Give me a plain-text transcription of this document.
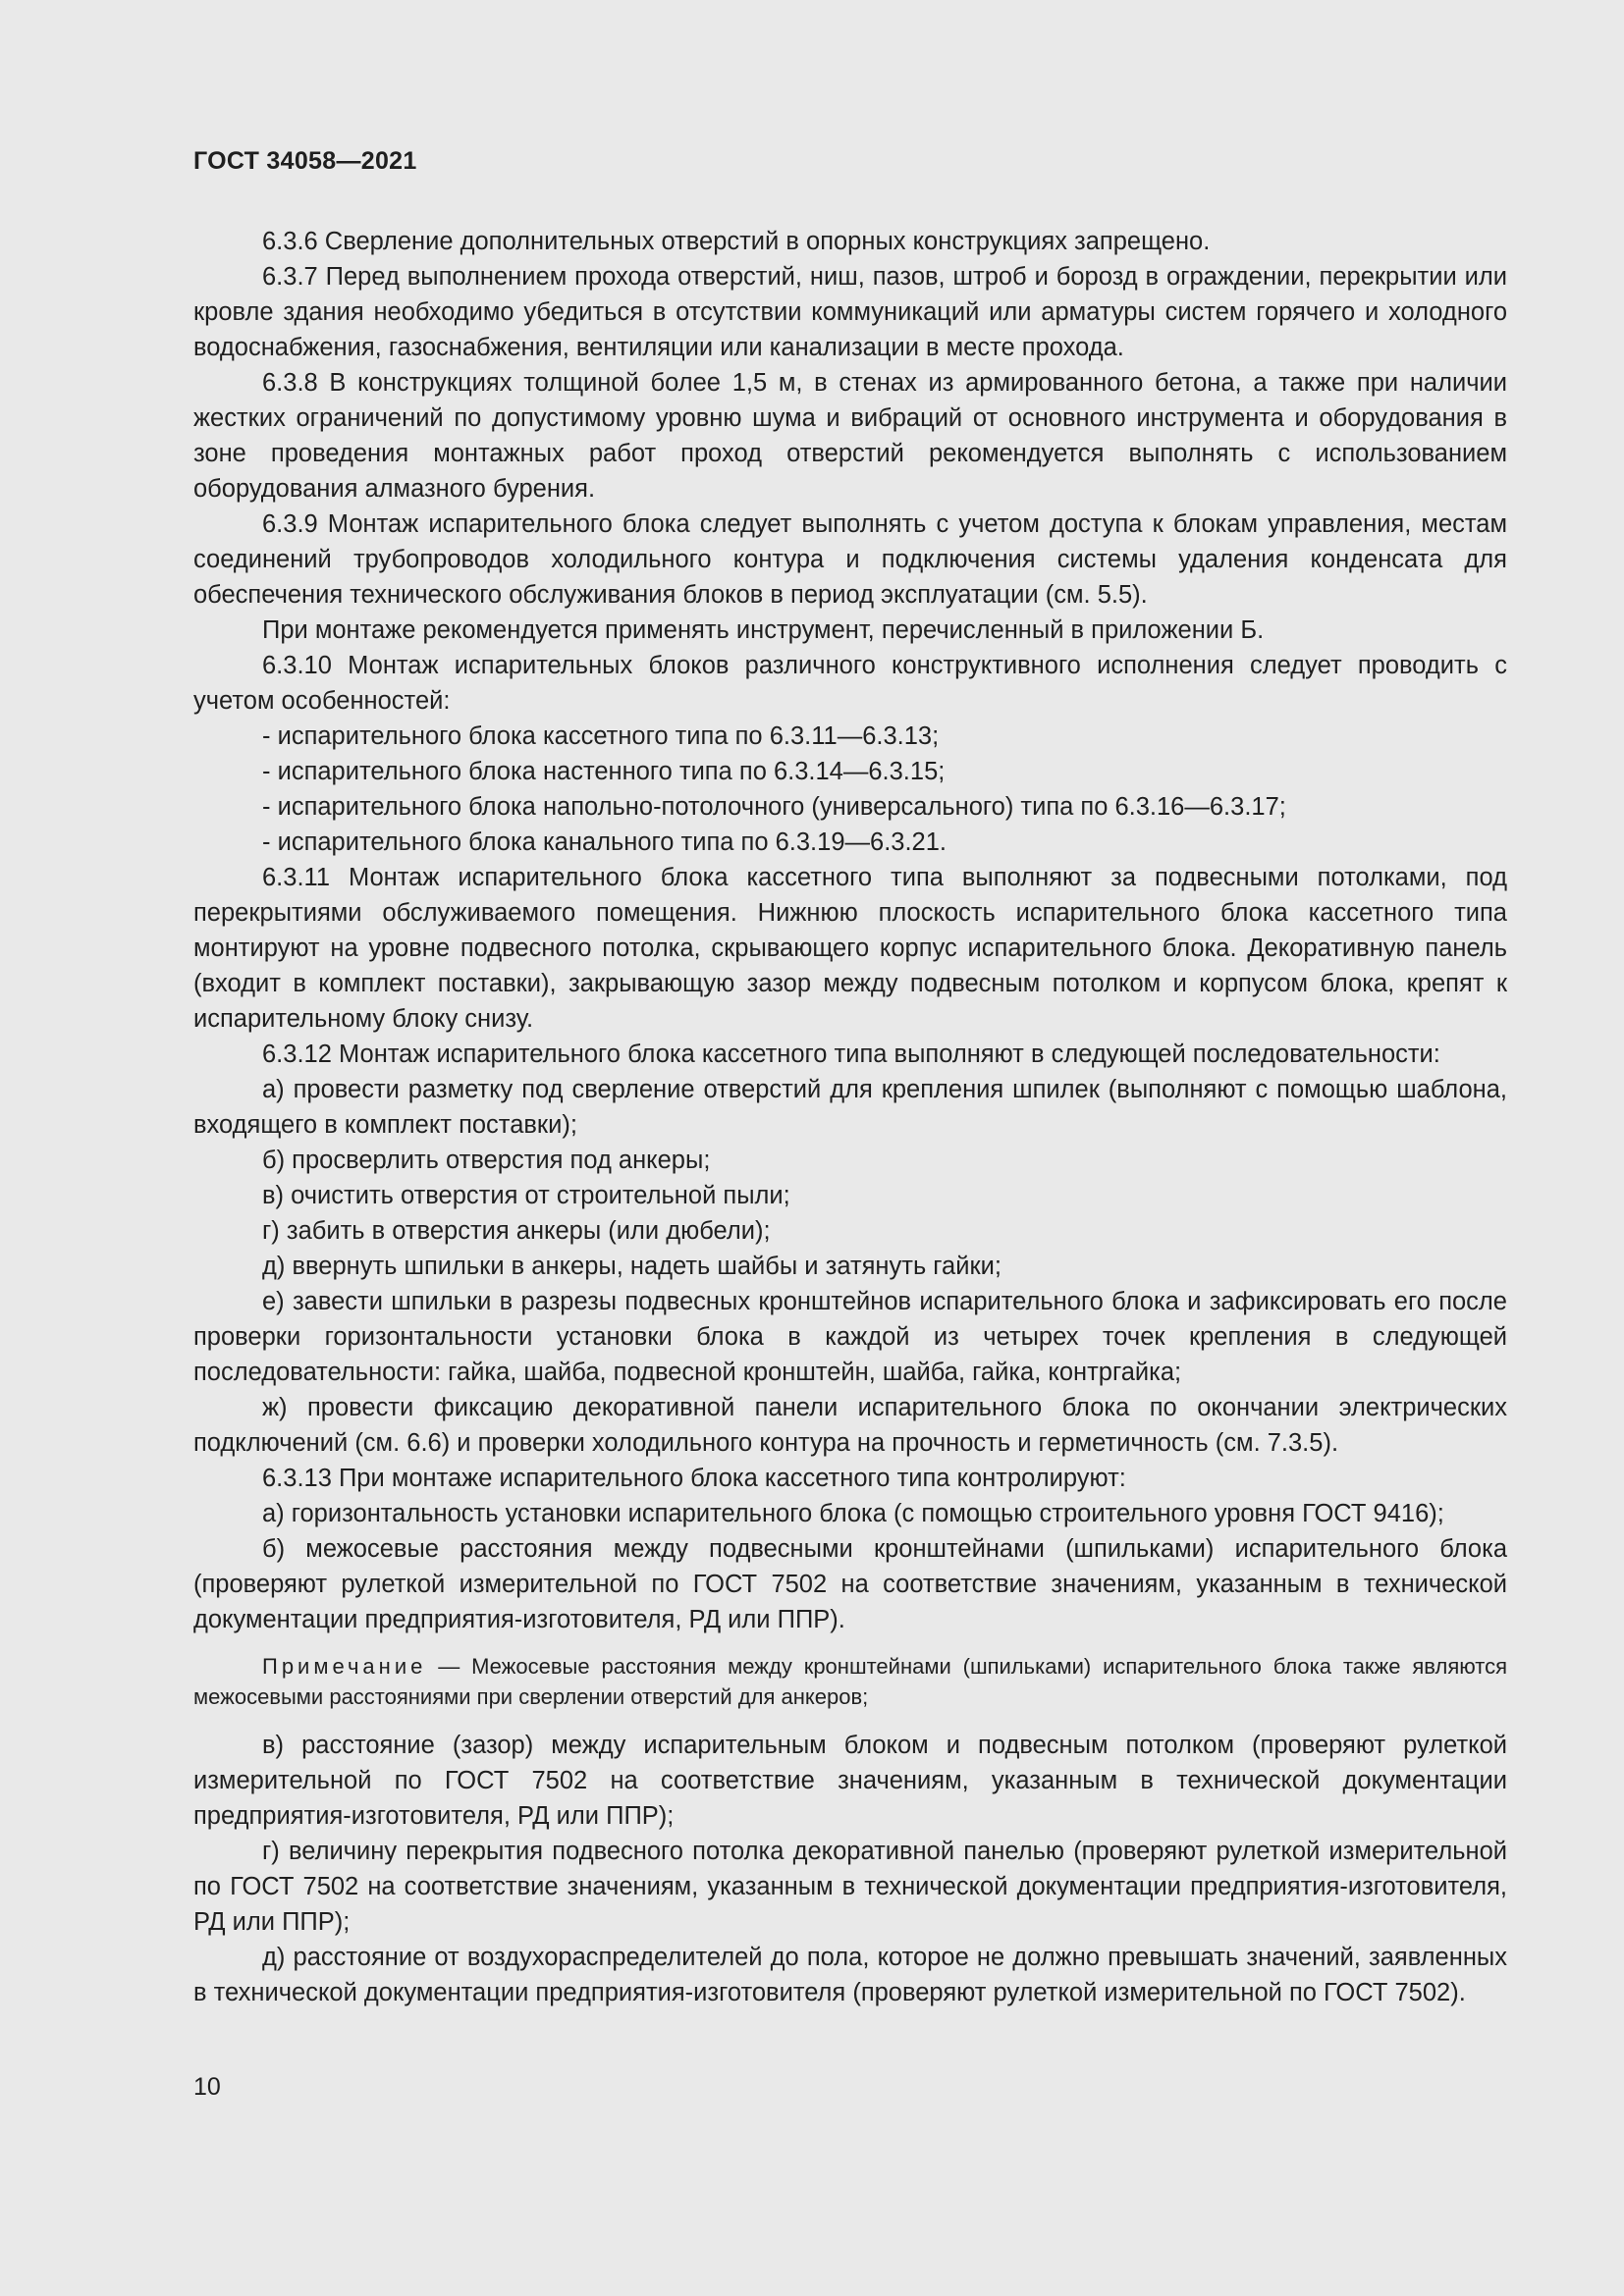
ГОСТ 34058—2021

6.3.6 Сверление дополнительных отверстий в опорных конструкциях запрещено.

6.3.7 Перед выполнением прохода отверстий, ниш, пазов, штроб и борозд в ограждении, перекрытии или кровле здания необходимо убедиться в отсутствии коммуникаций или арматуры систем горячего и холодного водоснабжения, газоснабжения, вентиляции или канализации в месте прохода.

6.3.8 В конструкциях толщиной более 1,5 м, в стенах из армированного бетона, а также при наличии жестких ограничений по допустимому уровню шума и вибраций от основного инструмента и оборудования в зоне проведения монтажных работ проход отверстий рекомендуется выполнять с использованием оборудования алмазного бурения.

6.3.9 Монтаж испарительного блока следует выполнять с учетом доступа к блокам управления, местам соединений трубопроводов холодильного контура и подключения системы удаления конденсата для обеспечения технического обслуживания блоков в период эксплуатации (см. 5.5).

При монтаже рекомендуется применять инструмент, перечисленный в приложении Б.

6.3.10 Монтаж испарительных блоков различного конструктивного исполнения следует проводить с учетом особенностей:

- испарительного блока кассетного типа по 6.3.11—6.3.13;

- испарительного блока настенного типа по 6.3.14—6.3.15;

- испарительного блока напольно-потолочного (универсального) типа по 6.3.16—6.3.17;

- испарительного блока канального типа по 6.3.19—6.3.21.

6.3.11 Монтаж испарительного блока кассетного типа выполняют за подвесными потолками, под перекрытиями обслуживаемого помещения. Нижнюю плоскость испарительного блока кассетного типа монтируют на уровне подвесного потолка, скрывающего корпус испарительного блока. Декоративную панель (входит в комплект поставки), закрывающую зазор между подвесным потолком и корпусом блока, крепят к испарительному блоку снизу.

6.3.12 Монтаж испарительного блока кассетного типа выполняют в следующей последовательности:

а) провести разметку под сверление отверстий для крепления шпилек (выполняют с помощью шаблона, входящего в комплект поставки);

б) просверлить отверстия под анкеры;

в) очистить отверстия от строительной пыли;

г) забить в отверстия анкеры (или дюбели);

д) ввернуть шпильки в анкеры, надеть шайбы и затянуть гайки;

е) завести шпильки в разрезы подвесных кронштейнов испарительного блока и зафиксировать его после проверки горизонтальности установки блока в каждой из четырех точек крепления в следующей последовательности: гайка, шайба, подвесной кронштейн, шайба, гайка, контргайка;

ж) провести фиксацию декоративной панели испарительного блока по окончании электрических подключений (см. 6.6) и проверки холодильного контура на прочность и герметичность (см. 7.3.5).

6.3.13 При монтаже испарительного блока кассетного типа контролируют:

а) горизонтальность установки испарительного блока (с помощью строительного уровня ГОСТ 9416);

б) межосевые расстояния между подвесными кронштейнами (шпильками) испарительного блока (проверяют рулеткой измерительной по ГОСТ 7502 на соответствие значениям, указанным в технической документации предприятия-изготовителя, РД или ППР).

Примечание — Межосевые расстояния между кронштейнами (шпильками) испарительного блока также являются межосевыми расстояниями при сверлении отверстий для анкеров;

в) расстояние (зазор) между испарительным блоком и подвесным потолком (проверяют рулеткой измерительной по ГОСТ 7502 на соответствие значениям, указанным в технической документации предприятия-изготовителя, РД или ППР);

г) величину перекрытия подвесного потолка декоративной панелью (проверяют рулеткой измерительной по ГОСТ 7502 на соответствие значениям, указанным в технической документации предприятия-изготовителя, РД или ППР);

д) расстояние от воздухораспределителей до пола, которое не должно превышать значений, заявленных в технической документации предприятия-изготовителя (проверяют рулеткой измерительной по ГОСТ 7502).

10
